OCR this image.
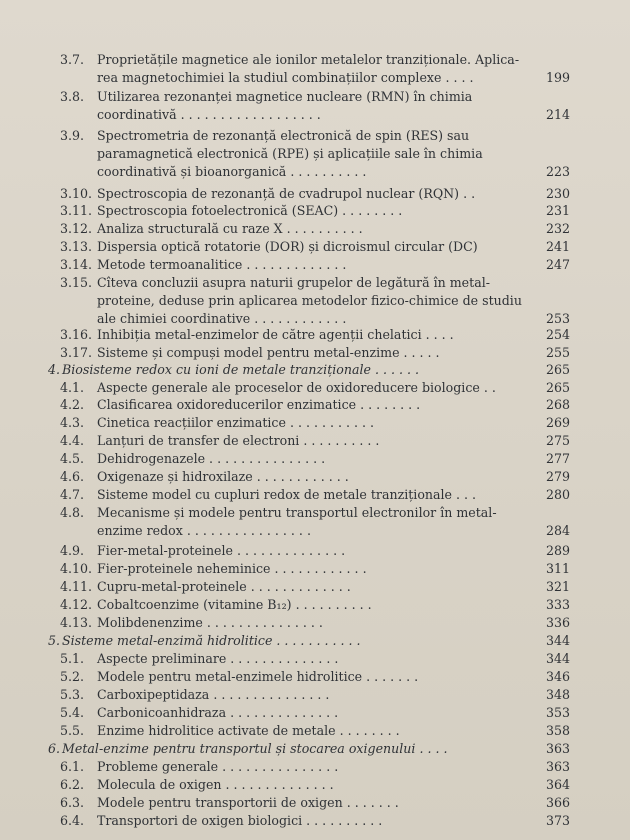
3.7. Proprietățile magnetice ale ionilor metalelor tranziționale. Aplica-
rea magnetochimiei la studiul combinațiilor complexe . . . .	199
3.8. Utilizarea rezonanței magnetice nucleare (RMN) în chimia
coordinativă . . . . . . . . . . . . . . . . . .	214
3.9. Spectrometria de rezonanță electronică de spin (RES) sau
paramagnetică electronică (RPE) și aplicațiile sale în chimia
coordinativă și bioanorganică . . . . . . . . . .	223
3.10. Spectroscopia de rezonanță de cvadrupol nuclear (RQN) . .	230
3.11. Spectroscopia fotoelectronică (SEAC) . . . . . . . .	231
3.12. Analiza structurală cu raze X . . . . . . . . . .	232
3.13. Dispersia optică rotatorie (DOR) și dicroismul circular (DC)	241
3.14. Metode termoanalitice . . . . . . . . . . . . .	247
3.15. Cîteva concluzii asupra naturii grupelor de legătură în metal-
proteine, deduse prin aplicarea metodelor fizico-chimice de studiu
ale chimiei coordinative . . . . . . . . . . . .	253
3.16. Inhibiția metal-enzimelor de către agenții chelatici . . . .	254
3.17. Sisteme și compuși model pentru metal-enzime . . . . .	255
4. Biosisteme redox cu ioni de metale tranziționale . . . . . .	265
4.1. Aspecte generale ale proceselor de oxidoreducere biologice . .	265
4.2. Clasificarea oxidoreducerilor enzimatice . . . . . . . .	268
4.3. Cinetica reacțiilor enzimatice . . . . . . . . . . .	269
4.4. Lanțuri de transfer de electroni . . . . . . . . . .	275
4.5. Dehidrogenazele . . . . . . . . . . . . . . .	277
4.6. Oxigenaze și hidroxilaze . . . . . . . . . . . .	279
4.7. Sisteme model cu cupluri redox de metale tranziționale . . .	280
4.8. Mecanisme și modele pentru transportul electronilor în metal-
enzime redox . . . . . . . . . . . . . . . .	284
4.9. Fier-metal-proteinele . . . . . . . . . . . . . .	289
4.10. Fier-proteinele neheminice . . . . . . . . . . . .	311
4.11. Cupru-metal-proteinele . . . . . . . . . . . . .	321
4.12. Cobaltcoenzime (vitamine B₁₂) . . . . . . . . . .	333
4.13. Molibdenenzime . . . . . . . . . . . . . . .	336
5. Sisteme metal-enzimă hidrolitice . . . . . . . . . . .	344
5.1. Aspecte preliminare . . . . . . . . . . . . . .	344
5.2. Modele pentru metal-enzimele hidrolitice . . . . . . .	346
5.3. Carboxipeptidaza . . . . . . . . . . . . . . .	348
5.4. Carbonicoanhidraza . . . . . . . . . . . . . .	353
5.5. Enzime hidrolitice activate de metale . . . . . . . .	358
6. Metal-enzime pentru transportul și stocarea oxigenului . . . .	363
6.1. Probleme generale . . . . . . . . . . . . . . .	363
6.2. Molecula de oxigen . . . . . . . . . . . . . .	364
6.3. Modele pentru transportorii de oxigen . . . . . . .	366
6.4. Transportori de oxigen biologici . . . . . . . . . .	373
